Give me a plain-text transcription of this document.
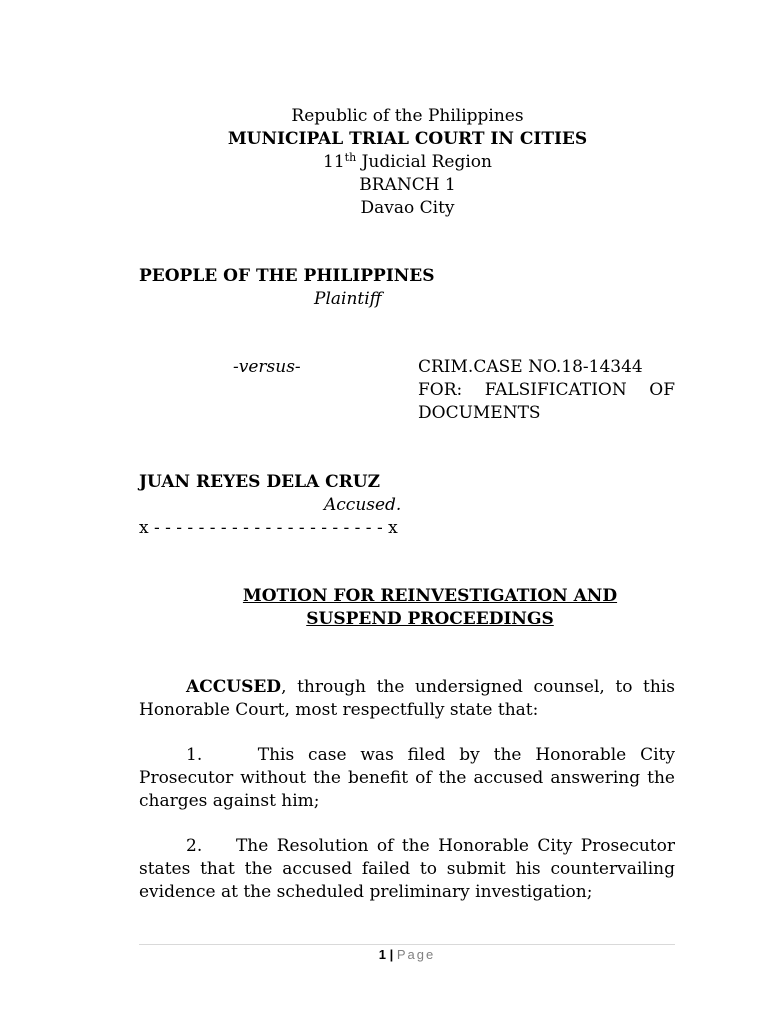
Republic of the Philippines
MUNICIPAL TRIAL COURT IN CITIES
11th Judicial Region
BRANCH 1
Davao City
PEOPLE OF THE PHILIPPINES
Plaintiff
-versus-	CRIM.CASE NO.18-14344
FOR:   FALSIFICATION   OF
DOCUMENTS
JUAN REYES DELA CRUZ
Accused.
x - - - - - - - - - - - - - - - - - - - - - x
MOTION FOR REINVESTIGATION AND
SUSPEND PROCEEDINGS
ACCUSED, through the undersigned counsel, to this
Honorable Court, most respectfully state that:
1.    This case was filed by the Honorable City
Prosecutor without the benefit of the accused answering the
charges against him;
2.    The Resolution of the Honorable City Prosecutor
states that the accused failed to submit his countervailing
evidence at the scheduled preliminary investigation;
1 | Page
